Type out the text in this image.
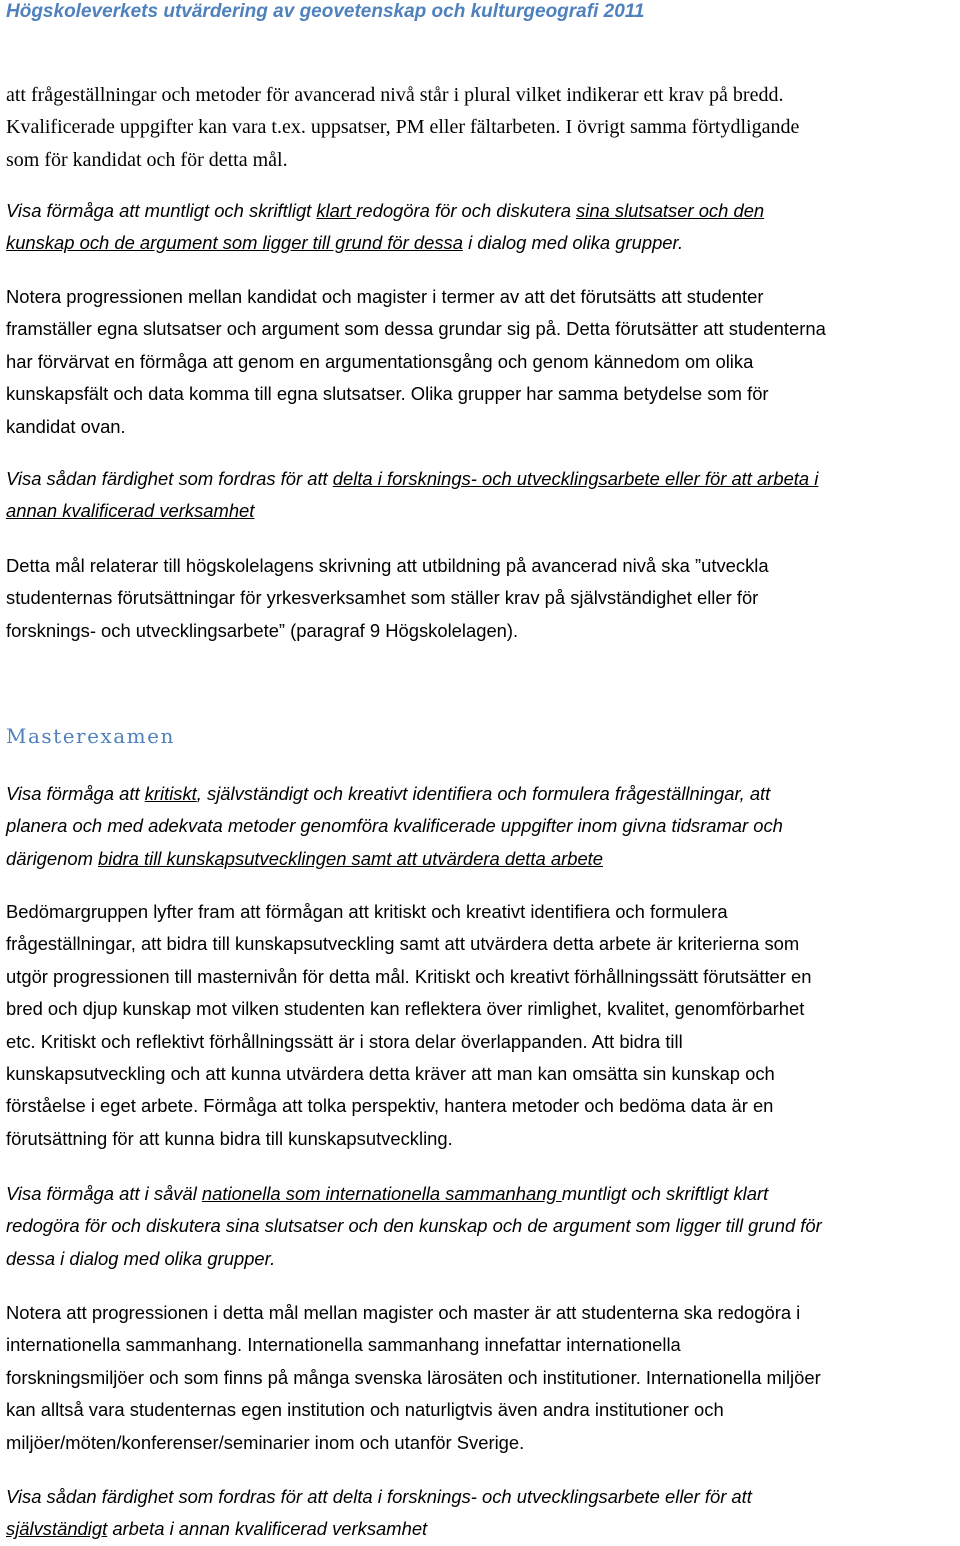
Högskoleverkets utvärdering av geovetenskap och kulturgeografi 2011
att frågeställningar och metoder för avancerad nivå står i plural vilket indikerar ett krav på bredd.
Kvalificerade uppgifter kan vara t.ex. uppsatser, PM eller fältarbeten. I övrigt samma förtydligande
som för kandidat och för detta mål.
Visa förmåga att muntligt och skriftligt klart redogöra för och diskutera sina slutsatser och den
kunskap och de argument som ligger till grund för dessa i dialog med olika grupper.
Notera progressionen mellan kandidat och magister i termer av att det förutsätts att studenter
framställer egna slutsatser och argument som dessa grundar sig på. Detta förutsätter att studenterna
har förvärvat en förmåga att genom en argumentationsgång och genom kännedom om olika
kunskapsfält och data komma till egna slutsatser. Olika grupper har samma betydelse som för
kandidat ovan.
Visa sådan färdighet som fordras för att delta i forsknings- och utvecklingsarbete eller för att arbeta i
annan kvalificerad verksamhet
Detta mål relaterar till högskolelagens skrivning att utbildning på avancerad nivå ska ”utveckla
studenternas förutsättningar för yrkesverksamhet som ställer krav på självständighet eller för
forsknings- och utvecklingsarbete” (paragraf 9 Högskolelagen).
Masterexamen
Visa förmåga att kritiskt, självständigt och kreativt identifiera och formulera frågeställningar, att
planera och med adekvata metoder genomföra kvalificerade uppgifter inom givna tidsramar och
därigenom bidra till kunskapsutvecklingen samt att utvärdera detta arbete
Bedömargruppen lyfter fram att förmågan att kritiskt och kreativt identifiera och formulera
frågeställningar, att bidra till kunskapsutveckling samt att utvärdera detta arbete är kriterierna som
utgör progressionen till masternivån för detta mål. Kritiskt och kreativt förhållningssätt förutsätter en
bred och djup kunskap mot vilken studenten kan reflektera över rimlighet, kvalitet, genomförbarhet
etc. Kritiskt och reflektivt förhållningssätt är i stora delar överlappanden. Att bidra till
kunskapsutveckling och att kunna utvärdera detta kräver att man kan omsätta sin kunskap och
förståelse i eget arbete. Förmåga att tolka perspektiv, hantera metoder och bedöma data är en
förutsättning för att kunna bidra till kunskapsutveckling.
Visa förmåga att i såväl nationella som internationella sammanhang muntligt och skriftligt klart
redogöra för och diskutera sina slutsatser och den kunskap och de argument som ligger till grund för
dessa i dialog med olika grupper.
Notera att progressionen i detta mål mellan magister och master är att studenterna ska redogöra i
internationella sammanhang. Internationella sammanhang innefattar internationella
forskningsmiljöer och som finns på många svenska lärosäten och institutioner. Internationella miljöer
kan alltså vara studenternas egen institution och naturligtvis även andra institutioner och
miljöer/möten/konferenser/seminarier inom och utanför Sverige.
Visa sådan färdighet som fordras för att delta i forsknings- och utvecklingsarbete eller för att
självständigt arbeta i annan kvalificerad verksamhet
